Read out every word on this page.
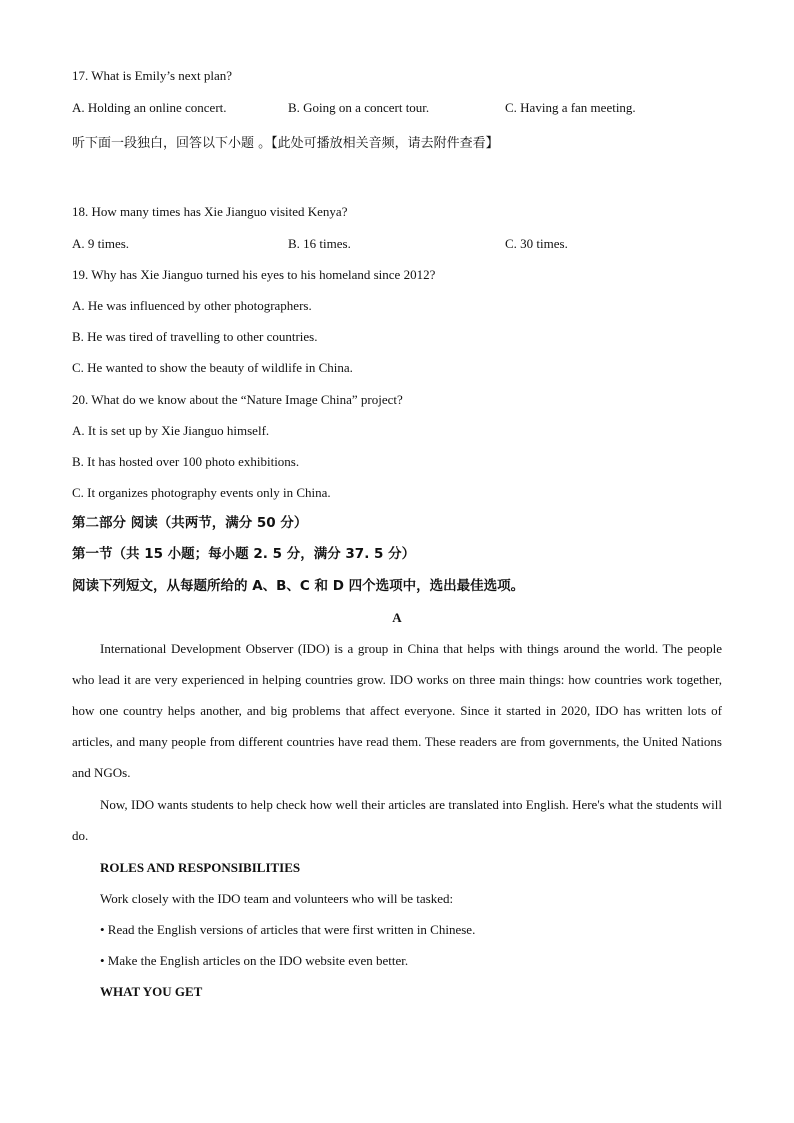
17. What is Emily’s next plan?
A. Holding an online concert.	B. Going on a concert tour.	C. Having a fan meeting.
听下面一段独白，回答以下小题 。【此处可播放相关音频，请去附件查看】
18. How many times has Xie Jianguo visited Kenya?
A. 9 times.	B. 16 times.	C. 30 times.
19. Why has Xie Jianguo turned his eyes to his homeland since 2012?
A. He was influenced by other photographers.
B. He was tired of travelling to other countries.
C. He wanted to show the beauty of wildlife in China.
20. What do we know about the “Nature Image China” project?
A. It is set up by Xie Jianguo himself.
B. It has hosted over 100 photo exhibitions.
C. It organizes photography events only in China.
第二部分 阅读（共两节，满分 50 分）
第一节（共 15 小题；每小题 2. 5 分，满分 37. 5 分）
阅读下列短文，从每题所给的 A、B、C 和 D 四个选项中，选出最佳选项。
A
International Development Observer (IDO) is a group in China that helps with things around the world. The people who lead it are very experienced in helping countries grow. IDO works on three main things: how countries work together, how one country helps another, and big problems that affect everyone. Since it started in 2020, IDO has written lots of articles, and many people from different countries have read them. These readers are from governments, the United Nations and NGOs.
Now, IDO wants students to help check how well their articles are translated into English. Here's what the students will do.
ROLES AND RESPONSIBILITIES
Work closely with the IDO team and volunteers who will be tasked:
• Read the English versions of articles that were first written in Chinese.
• Make the English articles on the IDO website even better.
WHAT YOU GET
